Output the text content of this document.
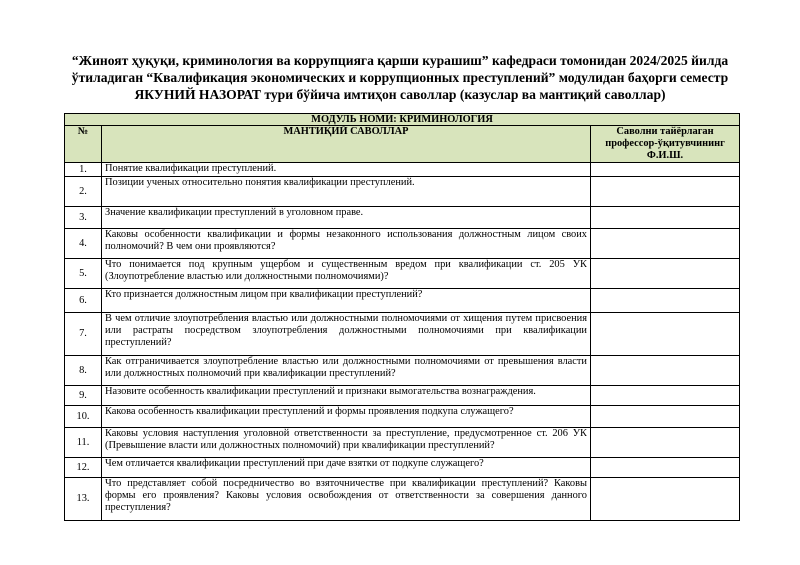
“Жиноят ҳуқуқи, криминология ва коррупцияга қарши курашиш” кафедраси томонидан 2024/2025 йилда
ўтиладиган “Квалификация экономических и коррупционных преступлений” модулидан баҳорги семестр
ЯКУНИЙ НАЗОРАТ тури бўйича имтиҳон саволлар (казуслар ва мантиқий саволлар)
МОДУЛЬ НОМИ: КРИМИНОЛОГИЯ		
№	МАНТИҚИЙ САВОЛЛАР	Саволни тайёрлаган профессор-ўқитувчининг Ф.И.Ш.
1.	Понятие квалификации преступлений.	
2.	Позиции ученых относительно понятия квалификации преступлений.	
3.	Значение квалификации преступлений в уголовном праве.	
4.	Каковы особенности квалификации и формы незаконного использования должностным лицом своих полномочий? В чем они проявляются?	
5.	Что понимается под крупным ущербом и существенным вредом при квалификации ст. 205 УК (Злоупотребление властью или должностными полномочиями)?	
6.	Кто признается должностным лицом при квалификации преступлений?	
7.	В чем отличие злоупотребления властью или должностными полномочиями от хищения путем присвоения или растраты посредством злоупотребления должностными полномочиями при квалификации преступлений?	
8.	Как отграничивается злоупотребление властью или должностными полномочиями от превышения власти или должностных полномочий при квалификации преступлений?	
9.	Назовите особенность квалификации преступлений и признаки вымогательства вознаграждения.	
10.	Какова особенность квалификации преступлений и формы проявления подкупа служащего?	
11.	Каковы условия наступления уголовной ответственности за преступление, предусмотренное ст. 206 УК (Превышение власти или должностных полномочий) при квалификации преступлений?	
12.	Чем отличается квалификации преступлений при даче взятки от подкупе служащего?	
13.	Что представляет собой посредничество во взяточничестве при квалификации преступлений? Каковы формы его проявления? Каковы условия освобождения от ответственности за совершения данного преступления?	
